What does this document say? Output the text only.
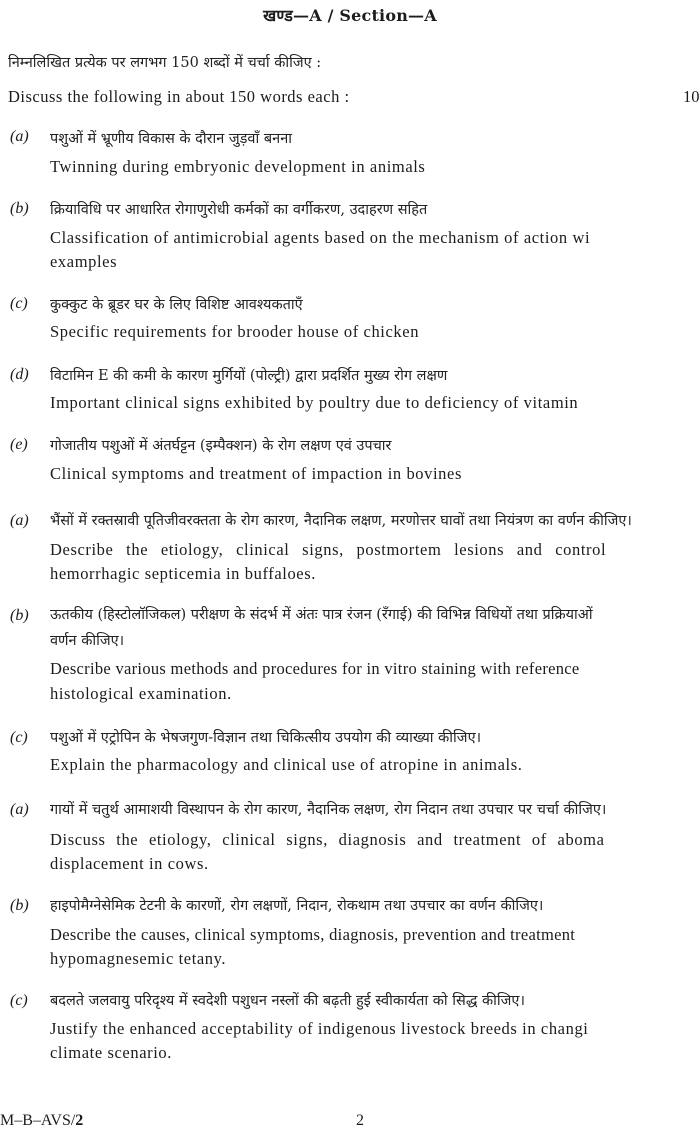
खण्ड—A / Section—A
निम्नलिखित प्रत्येक पर लगभग 150 शब्दों में चर्चा कीजिए :
Discuss the following in about 150 words each :	10
(a) पशुओं में भ्रूणीय विकास के दौरान जुड़वाँ बनना
Twinning during embryonic development in animals
(b) क्रियाविधि पर आधारित रोगाणुरोधी कर्मकों का वर्गीकरण, उदाहरण सहित
Classification of antimicrobial agents based on the mechanism of action wi
examples
(c) कुक्कुट के ब्रूडर घर के लिए विशिष्ट आवश्यकताएँ
Specific requirements for brooder house of chicken
(d) विटामिन E की कमी के कारण मुर्गियों (पोल्ट्री) द्वारा प्रदर्शित मुख्य रोग लक्षण
Important clinical signs exhibited by poultry due to deficiency of vitamin
(e) गोजातीय पशुओं में अंतर्घट्टन (इम्पैक्शन) के रोग लक्षण एवं उपचार
Clinical symptoms and treatment of impaction in bovines
(a) भैंसों में रक्तस्रावी पूतिजीवरक्तता के रोग कारण, नैदानिक लक्षण, मरणोत्तर घावों तथा नियंत्रण का वर्णन कीजिए।
Describe the etiology, clinical signs, postmortem lesions and control
hemorrhagic septicemia in buffaloes.
(b) ऊतकीय (हिस्टोलॉजिकल) परीक्षण के संदर्भ में अंतः पात्र रंजन (रँगाई) की विभिन्न विधियों तथा प्रक्रियाओं
वर्णन कीजिए।
Describe various methods and procedures for in vitro staining with reference
histological examination.
(c) पशुओं में एट्रोपिन के भेषजगुण-विज्ञान तथा चिकित्सीय उपयोग की व्याख्या कीजिए।
Explain the pharmacology and clinical use of atropine in animals.
(a) गायों में चतुर्थ आमाशयी विस्थापन के रोग कारण, नैदानिक लक्षण, रोग निदान तथा उपचार पर चर्चा कीजिए।
Discuss the etiology, clinical signs, diagnosis and treatment of aboma
displacement in cows.
(b) हाइपोमैग्नेसेमिक टेटनी के कारणों, रोग लक्षणों, निदान, रोकथाम तथा उपचार का वर्णन कीजिए।
Describe the causes, clinical symptoms, diagnosis, prevention and treatment
hypomagnesemic tetany.
(c) बदलते जलवायु परिदृश्य में स्वदेशी पशुधन नस्लों की बढ़ती हुई स्वीकार्यता को सिद्ध कीजिए।
Justify the enhanced acceptability of indigenous livestock breeds in changi
climate scenario.
M–B–AVS/2	2
